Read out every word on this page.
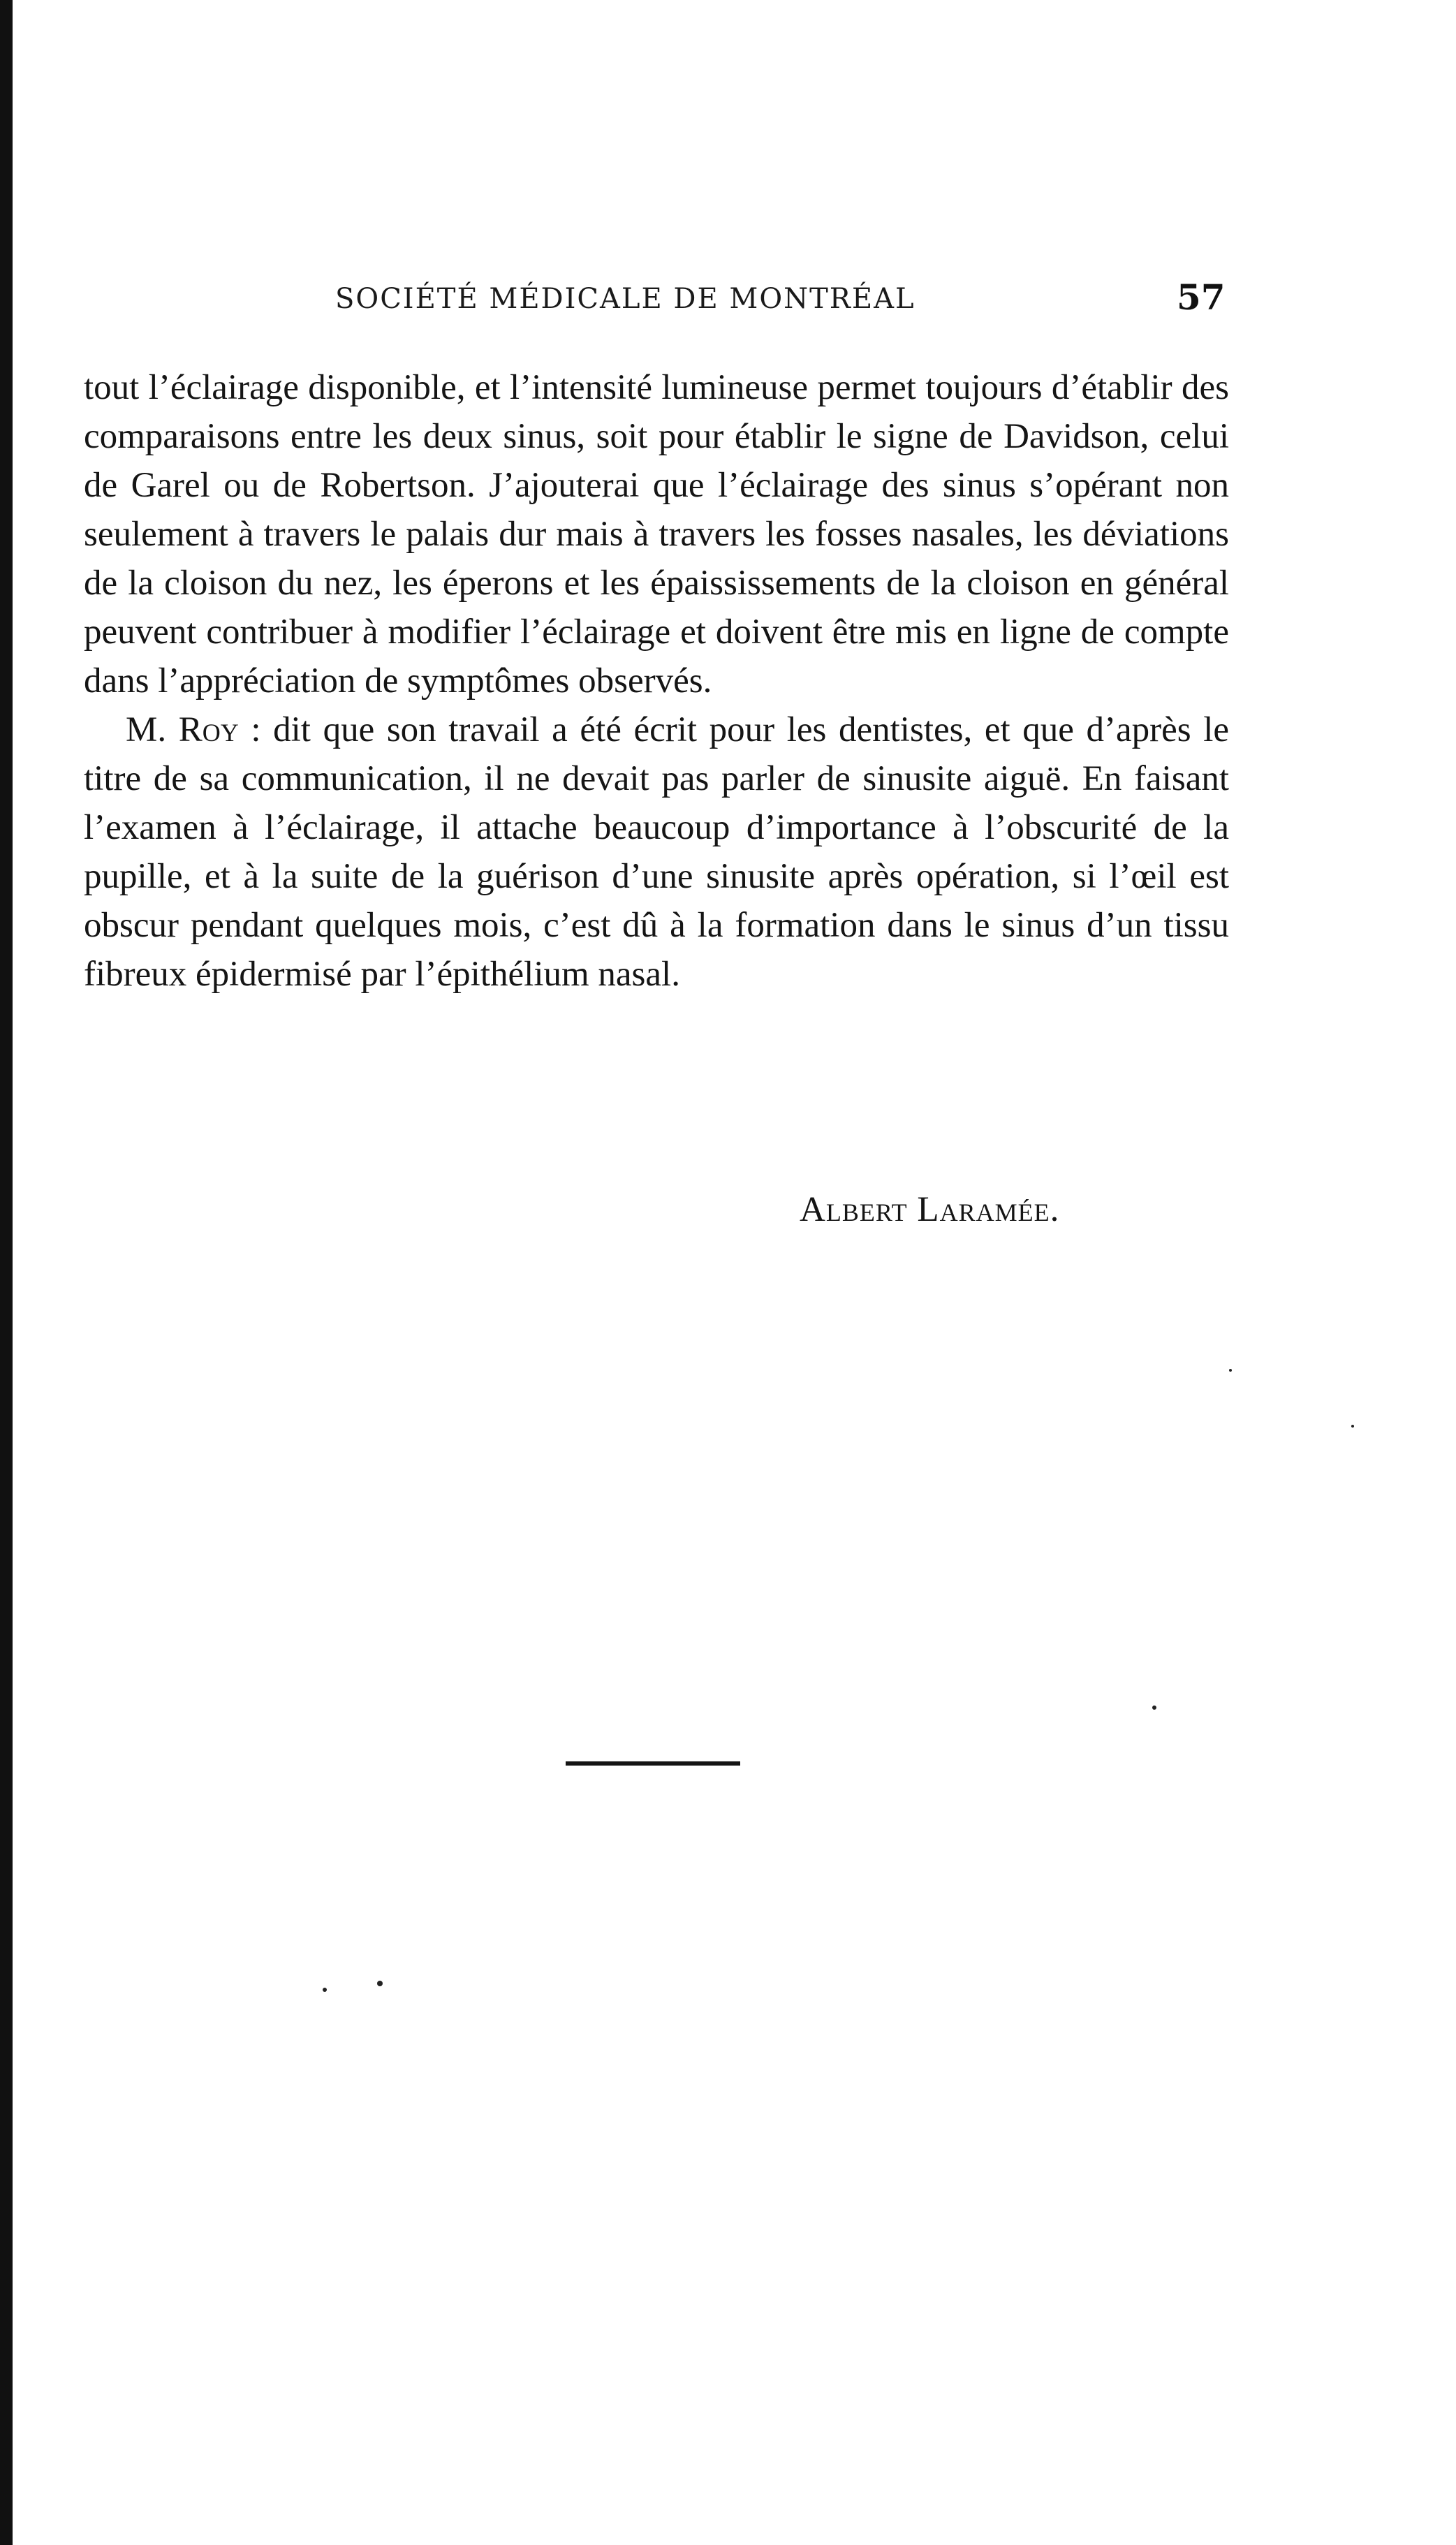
SOCIÉTÉ MÉDICALE DE MONTRÉAL	57

tout l’éclairage disponible, et l’intensité lumineuse permet toujours d’établir des comparaisons entre les deux sinus, soit pour établir le signe de Davidson, celui de Garel ou de Robertson. J’ajouterai que l’éclairage des sinus s’opérant non seulement à travers le palais dur mais à travers les fosses nasales, les déviations de la cloison du nez, les éperons et les épaississements de la cloison en général peuvent contribuer à modifier l’éclairage et doivent être mis en ligne de compte dans l’appréciation de symptômes observés.

M. Roy : dit que son travail a été écrit pour les dentistes, et que d’après le titre de sa communication, il ne devait pas parler de sinusite aiguë. En faisant l’examen à l’éclairage, il attache beaucoup d’importance à l’obscurité de la pupille, et à la suite de la guérison d’une sinusite après opération, si l’œil est obscur pendant quelques mois, c’est dû à la formation dans le sinus d’un tissu fibreux épidermisé par l’épithélium nasal.

Albert Laramée.
